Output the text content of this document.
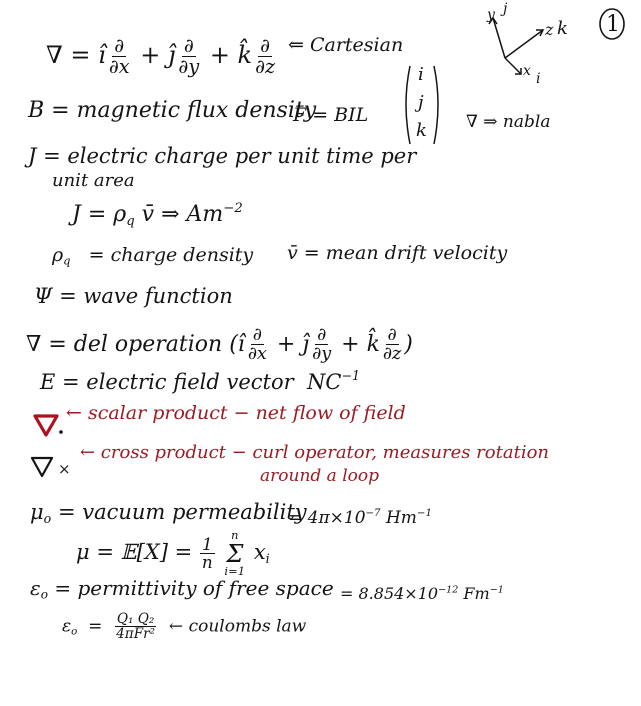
1
y j
z k
x i
∇ = î $\frac{\partial}{\partial x}$ + ĵ $\frac{\partial}{\partial y}$ + k̂ $\frac{\partial}{\partial z}$ ⇐ Cartesian
i
j
k ∇ ⇒ nabla
B = magnetic flux density
F = BIL
J = electric charge per unit time per
unit area
$J = \rho_q$ v̄ ⇒ $Am^{-2}$
$\rho_q$ = charge density v̄ = mean drift velocity
Ψ = wave function
∇ = del operation (î $\frac{\partial}{\partial x}$ + ĵ $\frac{\partial}{\partial y}$ + k̂ $\frac{\partial}{\partial z}$ )
E = electric field vector $NC^{-1}$
← scalar product − net flow of field
×
← cross product − curl operator, measures rotation
around a loop
$\mu_o$ = vacuum permeability
= $4\pi\times 10^{-7}$ $Hm^{-1}$
μ = 𝔼[X] = $\frac{1}{n}$

n
Σ
i=1
$x_i$
$\varepsilon_o$ = permittivity of free space = $8.854\times 10^{-12}$ $Fm^{-1}$
$\varepsilon_o = \frac{\text{Q₁ Q₂}}{\text{4πFr²}}$ ← coulombs law
